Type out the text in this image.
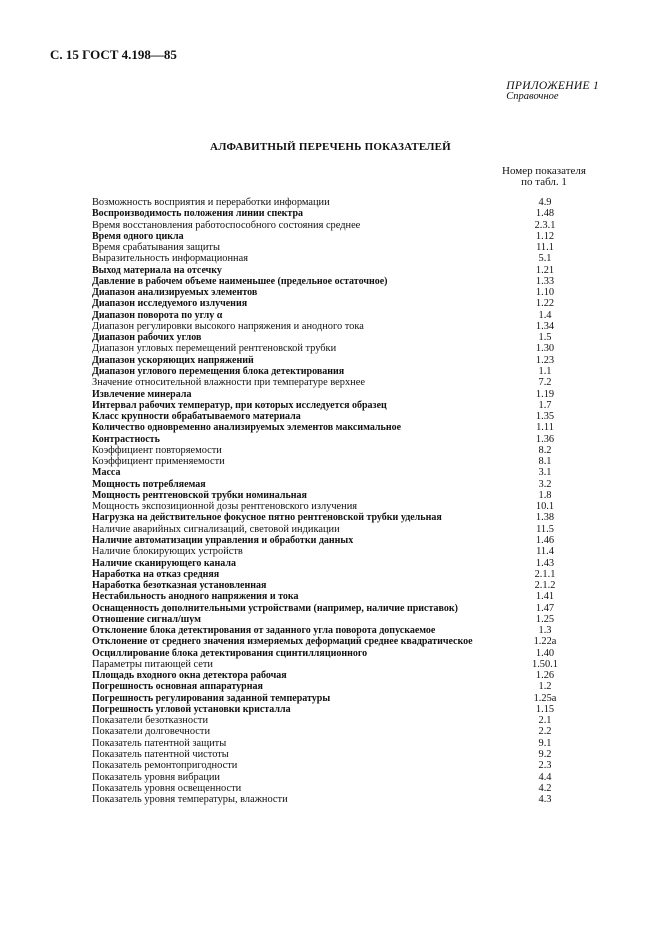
С. 15 ГОСТ 4.198—85
ПРИЛОЖЕНИЕ 1
Справочное
АЛФАВИТНЫЙ ПЕРЕЧЕНЬ ПОКАЗАТЕЛЕЙ
Номер показателя
по табл. 1
Возможность восприятия и переработки информации	4.9
Воспроизводимость положения линии спектра	1.48
Время восстановления работоспособного состояния среднее	2.3.1
Время одного цикла	1.12
Время срабатывания защиты	11.1
Выразительность информационная	5.1
Выход материала на отсечку	1.21
Давление в рабочем объеме наименьшее (предельное остаточное)	1.33
Диапазон анализируемых элементов	1.10
Диапазон исследуемого излучения	1.22
Диапазон поворота по углу α	1.4
Диапазон регулировки высокого напряжения и анодного тока	1.34
Диапазон рабочих углов	1.5
Диапазон угловых перемещений рентгеновской трубки	1.30
Диапазон ускоряющих напряжений	1.23
Диапазон углового перемещения блока детектирования	1.1
Значение относительной влажности при температуре верхнее	7.2
Извлечение минерала	1.19
Интервал рабочих температур, при которых исследуется образец	1.7
Класс крупности обрабатываемого материала	1.35
Количество одновременно анализируемых элементов максимальное	1.11
Контрастность	1.36
Коэффициент повторяемости	8.2
Коэффициент применяемости	8.1
Масса	3.1
Мощность потребляемая	3.2
Мощность рентгеновской трубки номинальная	1.8
Мощность экспозиционной дозы рентгеновского излучения	10.1
Нагрузка на действительное фокусное пятно рентгеновской трубки удельная	1.38
Наличие аварийных сигнализаций, световой индикации	11.5
Наличие автоматизации управления и обработки данных	1.46
Наличие блокирующих устройств	11.4
Наличие сканирующего канала	1.43
Наработка на отказ средняя	2.1.1
Наработка безотказная установленная	2.1.2
Нестабильность анодного напряжения и тока	1.41
Оснащенность дополнительными устройствами (например, наличие приставок)	1.47
Отношение сигнал/шум	1.25
Отклонение блока детектирования от заданного угла поворота допускаемое	1.3
Отклонение от среднего значения измеряемых деформаций среднее квадратическое	1.22а
Осциллирование блока детектирования сцинтилляционного	1.40
Параметры питающей сети	1.50.1
Площадь входного окна детектора рабочая	1.26
Погрешность основная аппаратурная	1.2
Погрешность регулирования заданной температуры	1.25а
Погрешность угловой установки кристалла	1.15
Показатели безотказности	2.1
Показатели долговечности	2.2
Показатель патентной защиты	9.1
Показатель патентной чистоты	9.2
Показатель ремонтопригодности	2.3
Показатель уровня вибрации	4.4
Показатель уровня освещенности	4.2
Показатель уровня температуры, влажности	4.3
